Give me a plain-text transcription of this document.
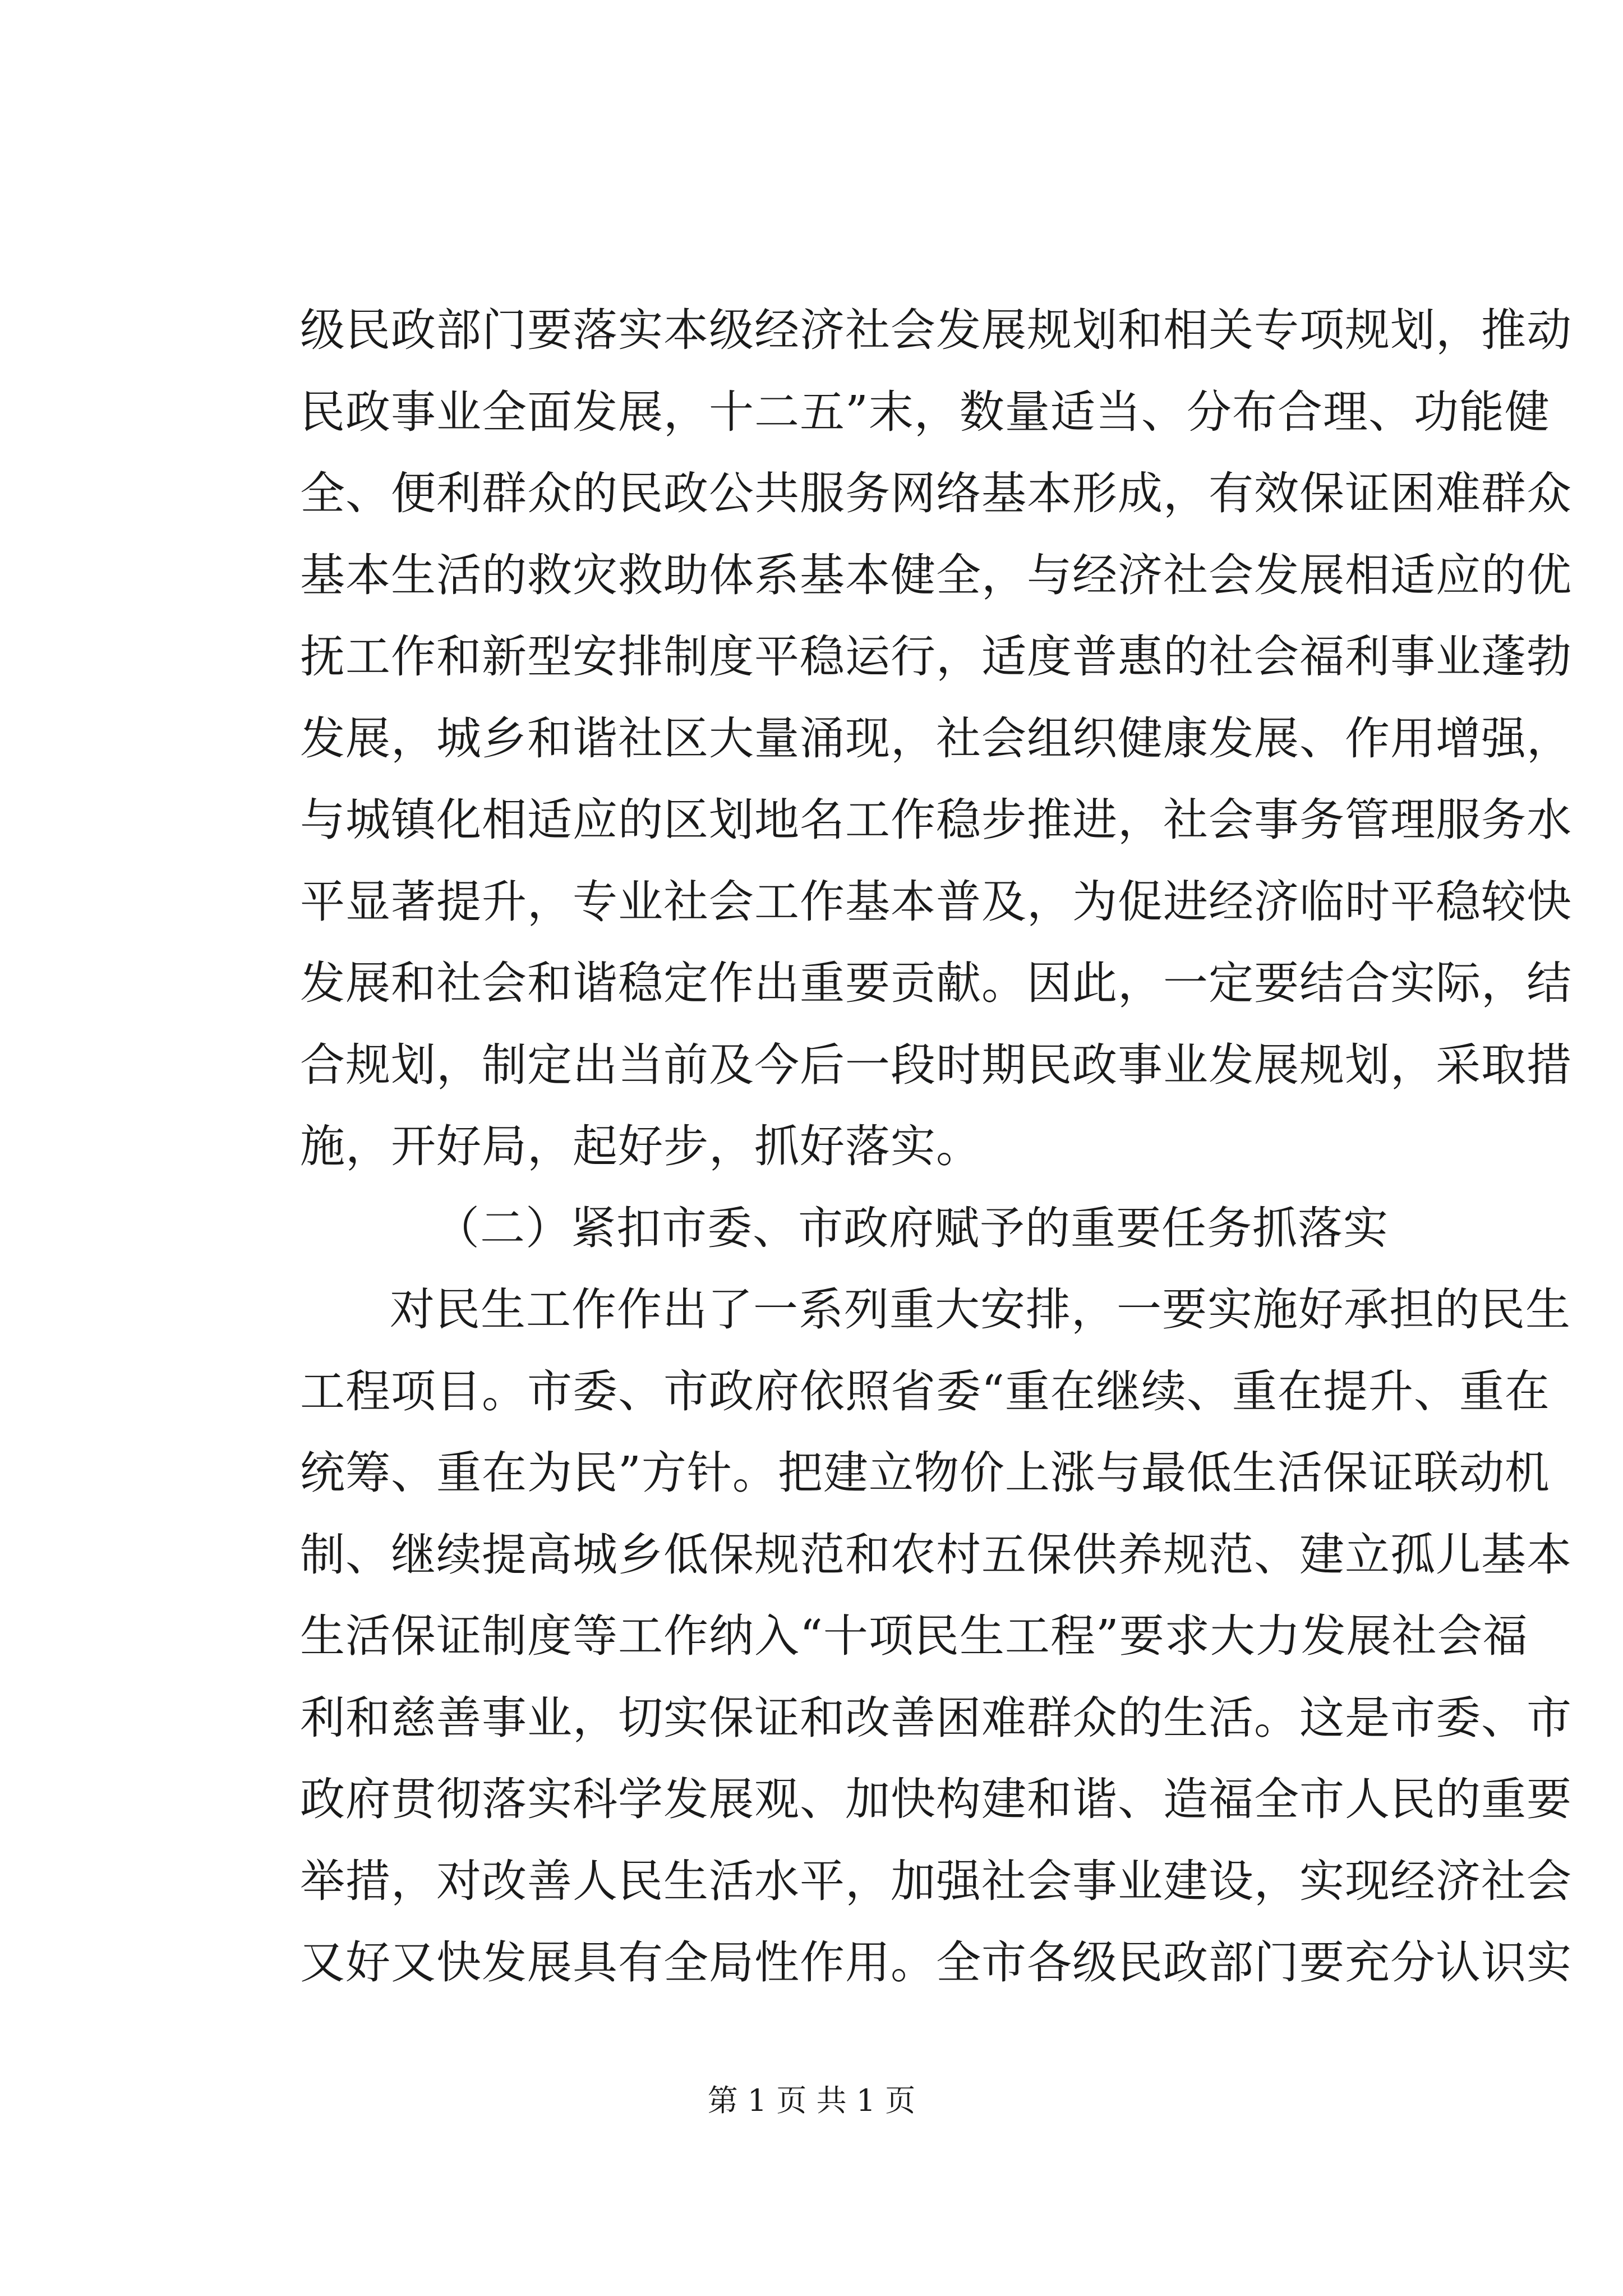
级民政部门要落实本级经济社会发展规划和相关专项规划，推动
民政事业全面发展，十二五”末，数量适当、分布合理、功能健
全、便利群众的民政公共服务网络基本形成，有效保证困难群众
基本生活的救灾救助体系基本健全，与经济社会发展相适应的优
抚工作和新型安排制度平稳运行，适度普惠的社会福利事业蓬勃
发展，城乡和谐社区大量涌现，社会组织健康发展、作用增强，
与城镇化相适应的区划地名工作稳步推进，社会事务管理服务水
平显著提升，专业社会工作基本普及，为促进经济临时平稳较快
发展和社会和谐稳定作出重要贡献。因此，一定要结合实际，结
合规划，制定出当前及今后一段时期民政事业发展规划，采取措
施，开好局，起好步，抓好落实。
（二）紧扣市委、市政府赋予的重要任务抓落实
对民生工作作出了一系列重大安排，一要实施好承担的民生
工程项目。市委、市政府依照省委“重在继续、重在提升、重在
统筹、重在为民”方针。把建立物价上涨与最低生活保证联动机
制、继续提高城乡低保规范和农村五保供养规范、建立孤儿基本
生活保证制度等工作纳入“十项民生工程”要求大力发展社会福
利和慈善事业，切实保证和改善困难群众的生活。这是市委、市
政府贯彻落实科学发展观、加快构建和谐、造福全市人民的重要
举措，对改善人民生活水平，加强社会事业建设，实现经济社会
又好又快发展具有全局性作用。全市各级民政部门要充分认识实
第 1 页 共 1 页
